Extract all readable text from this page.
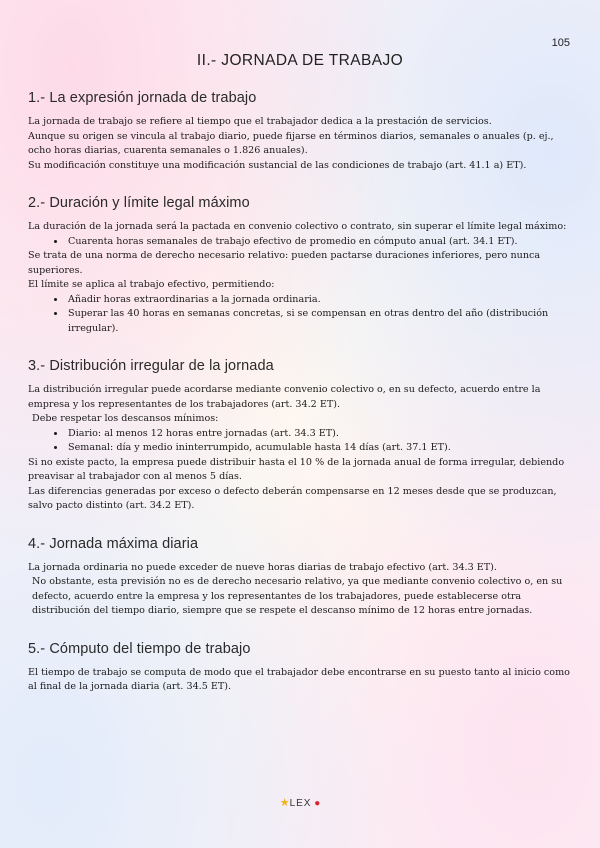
105
II.- JORNADA DE TRABAJO
1.- La expresión jornada de trabajo

La jornada de trabajo se refiere al tiempo que el trabajador dedica a la prestación de servicios.

Aunque su origen se vincula al trabajo diario, puede fijarse en términos diarios, semanales o anuales (p. ej., ocho horas diarias, cuarenta semanales o 1.826 anuales).

Su modificación constituye una modificación sustancial de las condiciones de trabajo (art. 41.1 a) ET).

2.- Duración y límite legal máximo

La duración de la jornada será la pactada en convenio colectivo o contrato, sin superar el límite legal máximo:

• Cuarenta horas semanales de trabajo efectivo de promedio en cómputo anual (art. 34.1 ET).

Se trata de una norma de derecho necesario relativo: pueden pactarse duraciones inferiores, pero nunca superiores.

El límite se aplica al trabajo efectivo, permitiendo:

• Añadir horas extraordinarias a la jornada ordinaria.
• Superar las 40 horas en semanas concretas, si se compensan en otras dentro del año (distribución irregular).
3.- Distribución irregular de la jornada

La distribución irregular puede acordarse mediante convenio colectivo o, en su defecto, acuerdo entre la empresa y los representantes de los trabajadores (art. 34.2 ET).

Debe respetar los descansos mínimos:

• Diario: al menos 12 horas entre jornadas (art. 34.3 ET).
• Semanal: día y medio ininterrumpido, acumulable hasta 14 días (art. 37.1 ET).

Si no existe pacto, la empresa puede distribuir hasta el 10 % de la jornada anual de forma irregular, debiendo preavisar al trabajador con al menos 5 días.

Las diferencias generadas por exceso o defecto deberán compensarse en 12 meses desde que se produzcan, salvo pacto distinto (art. 34.2 ET).

4.- Jornada máxima diaria

La jornada ordinaria no puede exceder de nueve horas diarias de trabajo efectivo (art. 34.3 ET).

No obstante, esta previsión no es de derecho necesario relativo, ya que mediante convenio colectivo o, en su defecto, acuerdo entre la empresa y los representantes de los trabajadores, puede establecerse otra distribución del tiempo diario, siempre que se respete el descanso mínimo de 12 horas entre jornadas.

5.- Cómputo del tiempo de trabajo

El tiempo de trabajo se computa de modo que el trabajador debe encontrarse en su puesto tanto al inicio como al final de la jornada diaria (art. 34.5 ET).

★LEX ●
